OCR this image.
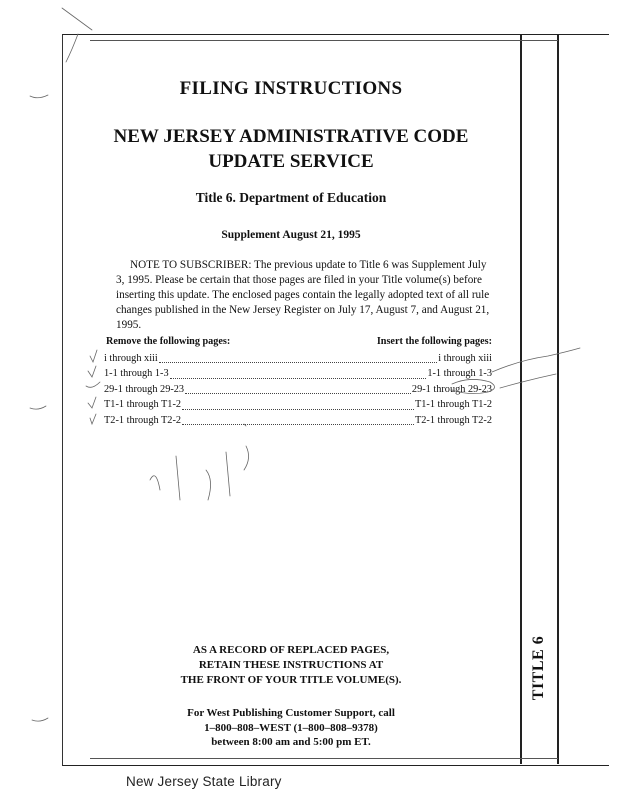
FILING INSTRUCTIONS
NEW JERSEY ADMINISTRATIVE CODE
UPDATE SERVICE
Title 6. Department of Education
Supplement August 21, 1995
NOTE TO SUBSCRIBER: The previous update to Title 6 was Supplement July 3, 1995. Please be certain that those pages are filed in your Title volume(s) before inserting this update. The enclosed pages contain the legally adopted text of all rule changes published in the New Jersey Register on July 17, August 7, and August 21, 1995.
Remove the following pages:	Insert the following pages:
i through xiii	i through xiii
1-1 through 1-3	1-1 through 1-3
29-1 through 29-23	29-1 through 29-23
T1-1 through T1-2	T1-1 through T1-2
T2-1 through T2-2	T2-1 through T2-2
AS A RECORD OF REPLACED PAGES,
RETAIN THESE INSTRUCTIONS AT
THE FRONT OF YOUR TITLE VOLUME(S).
For West Publishing Customer Support, call
1–800–808–WEST (1–800–808–9378)
between 8:00 am and 5:00 pm ET.
TITLE 6
New Jersey State Library
